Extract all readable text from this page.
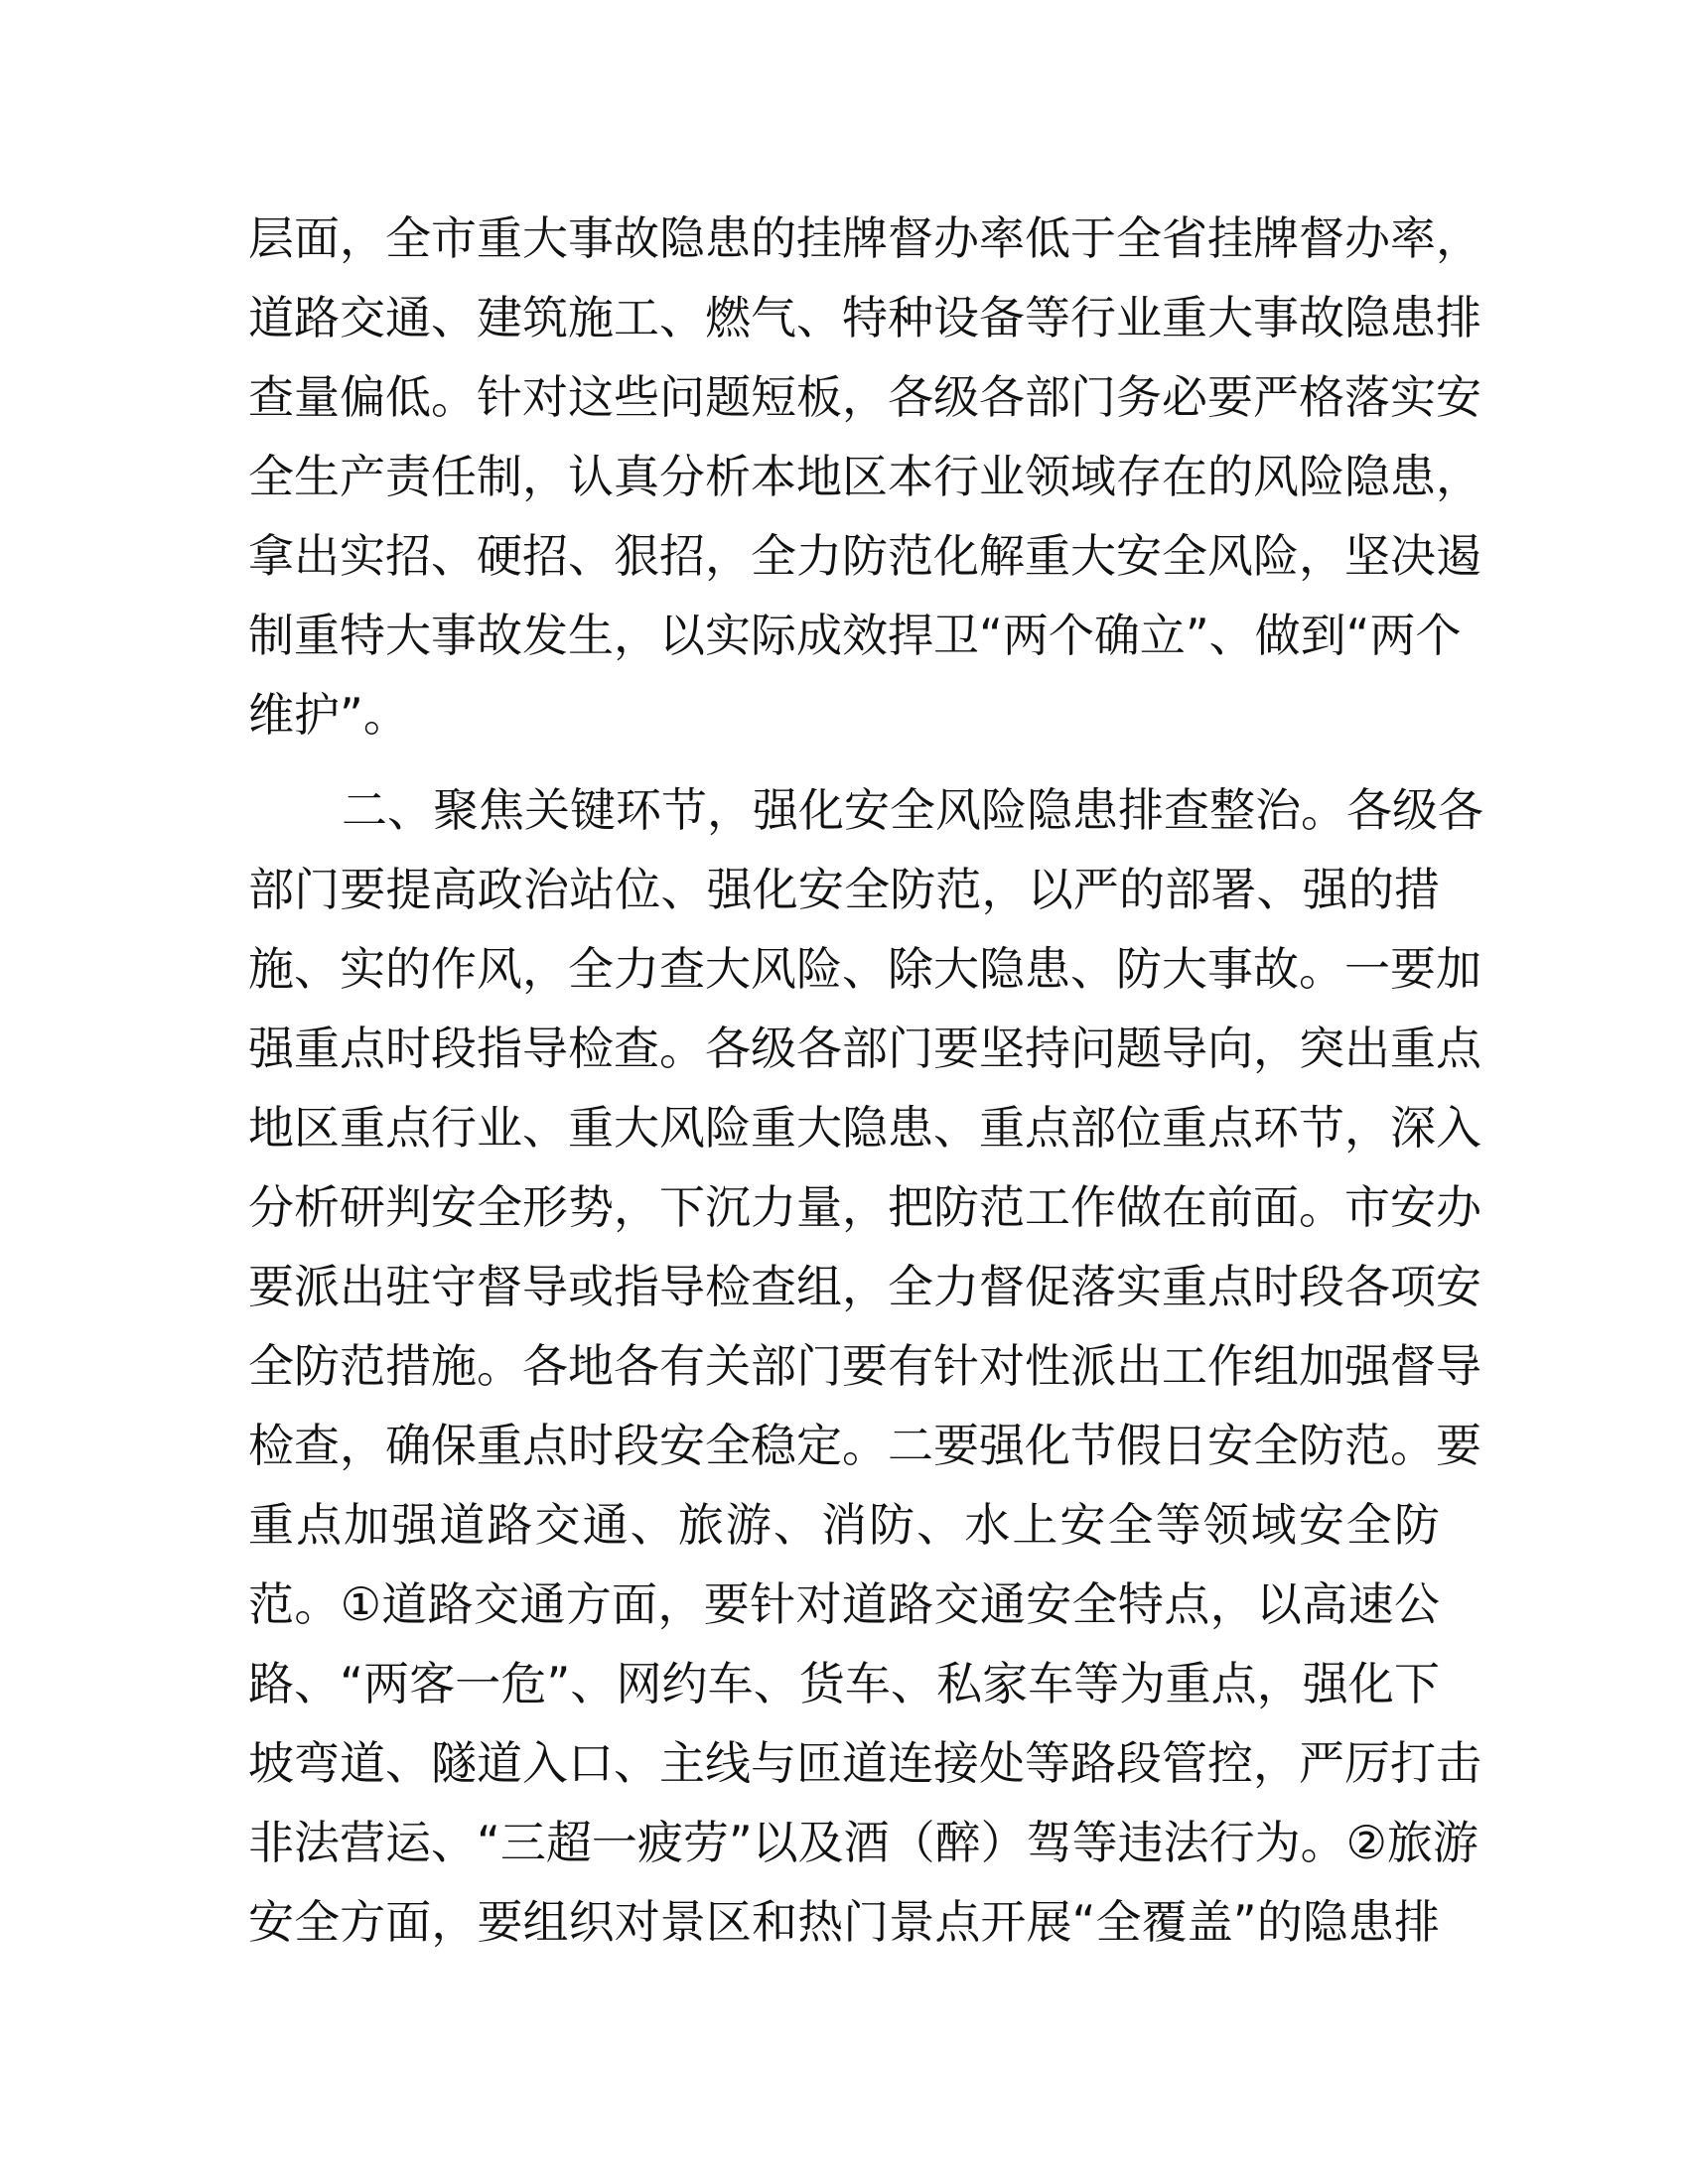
层面，全市重大事故隐患的挂牌督办率低于全省挂牌督办率，
道路交通、建筑施工、燃气、特种设备等行业重大事故隐患排
查量偏低。针对这些问题短板，各级各部门务必要严格落实安
全生产责任制，认真分析本地区本行业领域存在的风险隐患，
拿出实招、硬招、狠招，全力防范化解重大安全风险，坚决遏
制重特大事故发生，以实际成效捍卫“两个确立”、做到“两个
维护”。
二、聚焦关键环节，强化安全风险隐患排查整治。各级各
部门要提高政治站位、强化安全防范，以严的部署、强的措
施、实的作风，全力查大风险、除大隐患、防大事故。一要加
强重点时段指导检查。各级各部门要坚持问题导向，突出重点
地区重点行业、重大风险重大隐患、重点部位重点环节，深入
分析研判安全形势，下沉力量，把防范工作做在前面。市安办
要派出驻守督导或指导检查组，全力督促落实重点时段各项安
全防范措施。各地各有关部门要有针对性派出工作组加强督导
检查，确保重点时段安全稳定。二要强化节假日安全防范。要
重点加强道路交通、旅游、消防、水上安全等领域安全防
范。①道路交通方面，要针对道路交通安全特点，以高速公
路、“两客一危”、网约车、货车、私家车等为重点，强化下
坡弯道、隧道入口、主线与匝道连接处等路段管控，严厉打击
非法营运、“三超一疲劳”以及酒（醉）驾等违法行为。②旅游
安全方面，要组织对景区和热门景点开展“全覆盖”的隐患排
